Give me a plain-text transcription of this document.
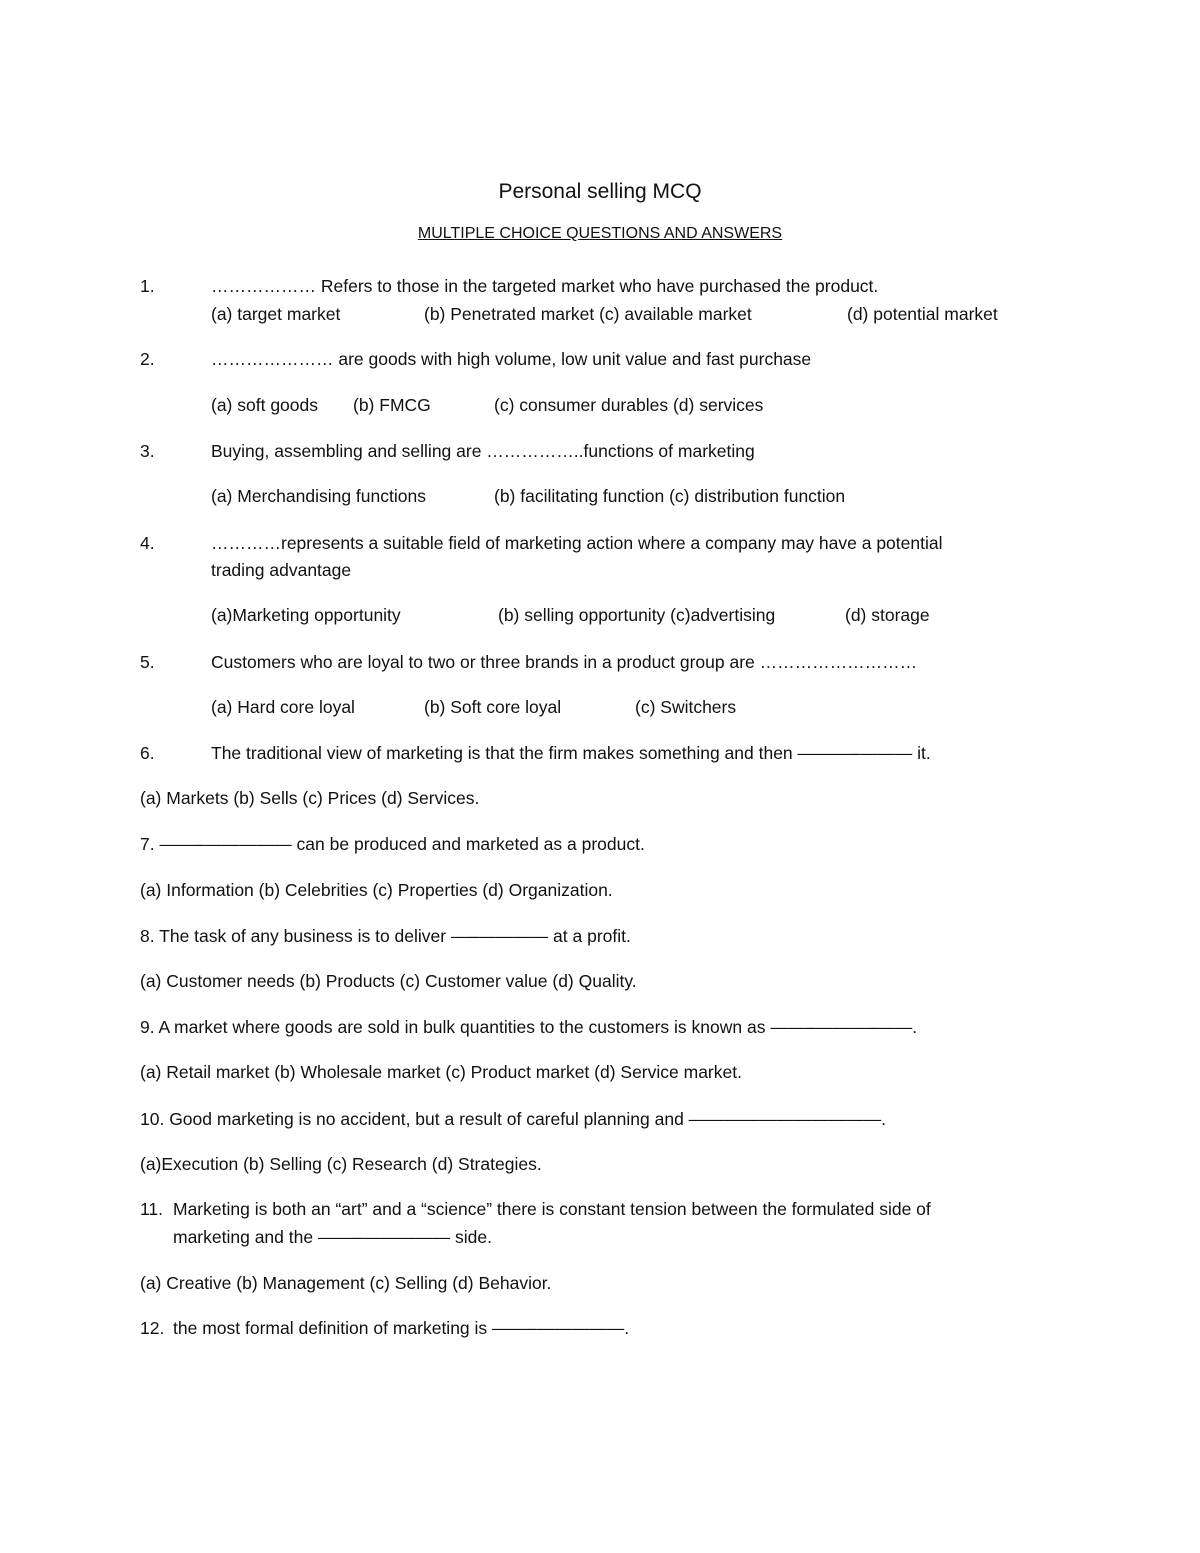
Personal selling MCQ
MULTIPLE CHOICE QUESTIONS AND ANSWERS
1.	……………… Refers to those in the targeted market who have purchased the product.
(a) target market	(b) Penetrated market (c) available market	(d) potential market
2.	………………… are goods with high volume, low unit value and fast purchase
(a) soft goods (b) FMCG	(c) consumer durables (d) services
3.	Buying, assembling and selling are ……………..functions of marketing
(a) Merchandising functions	(b) facilitating function (c) distribution function
4.	…………represents a suitable field of marketing action where a company may have a potential
trading advantage
(a)Marketing opportunity	(b) selling opportunity (c)advertising	(d) storage
5.	Customers who are loyal to two or three brands in a product group are ………………………
(a) Hard core loyal	(b) Soft core loyal	(c) Switchers
6.	The traditional view of marketing is that the firm makes something and then ———–——— it.
(a) Markets (b) Sells (c) Prices (d) Services.
7. ——–————— can be produced and marketed as a product.
(a) Information (b) Celebrities (c) Properties (d) Organization.
8. The task of any business is to deliver —–———— at a profit.
(a) Customer needs (b) Products (c) Customer value (d) Quality.
9. A market where goods are sold in bulk quantities to the customers is known as ——–———–——.
(a) Retail market (b) Wholesale market (c) Product market (d) Service market.
10. Good marketing is no accident, but a result of careful planning and ———————————.
(a)Execution (b) Selling (c) Research (d) Strategies.
11. Marketing is both an “art” and a “science” there is constant tension between the formulated side of
marketing and the ——–————— side.
(a) Creative (b) Management (c) Selling (d) Behavior.
12. the most formal definition of marketing is ——–—————.
